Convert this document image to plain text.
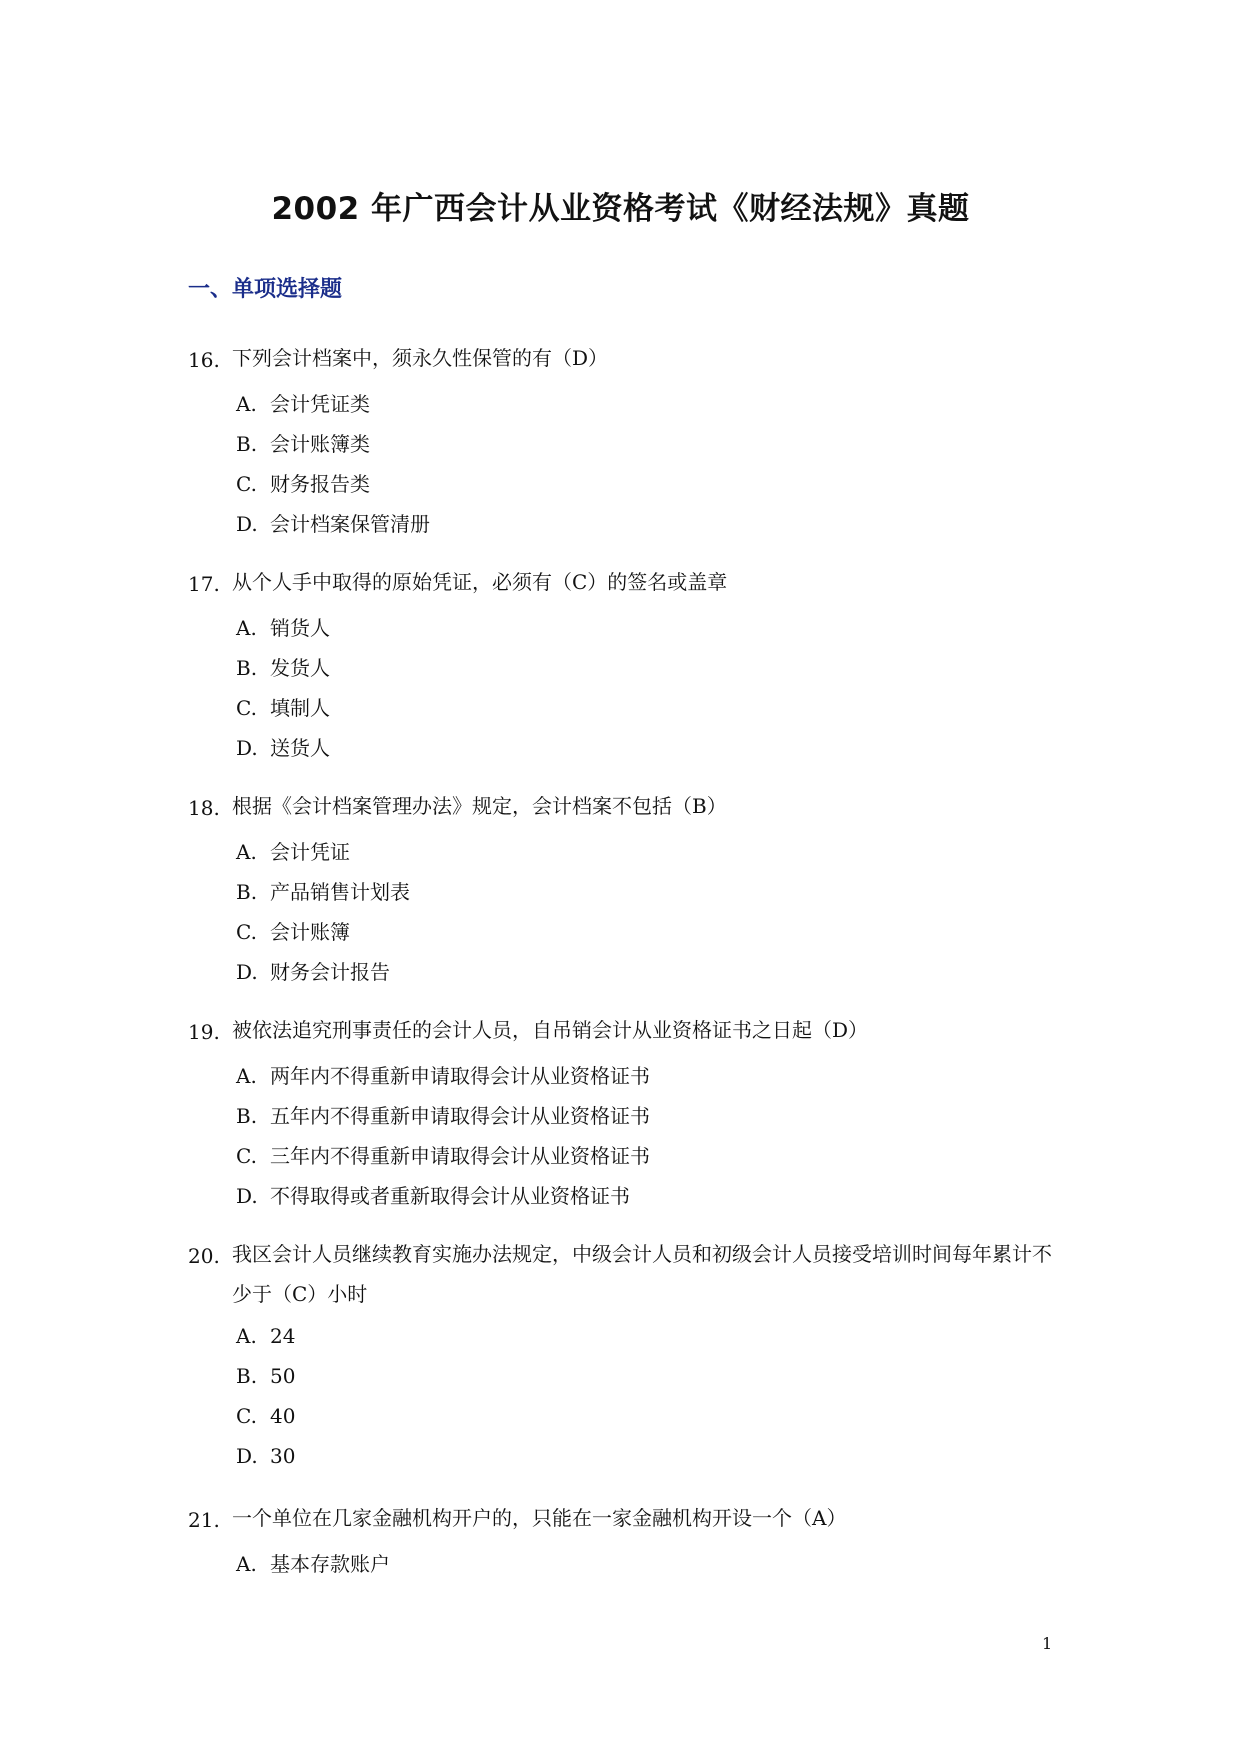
2002 年广西会计从业资格考试《财经法规》真题
一、单项选择题
16. 下列会计档案中，须永久性保管的有（D）
A. 会计凭证类
B. 会计账簿类
C. 财务报告类
D. 会计档案保管清册
17. 从个人手中取得的原始凭证，必须有（C）的签名或盖章
A. 销货人
B. 发货人
C. 填制人
D. 送货人
18. 根据《会计档案管理办法》规定，会计档案不包括（B）
A. 会计凭证
B. 产品销售计划表
C. 会计账簿
D. 财务会计报告
19. 被依法追究刑事责任的会计人员，自吊销会计从业资格证书之日起（D）
A. 两年内不得重新申请取得会计从业资格证书
B. 五年内不得重新申请取得会计从业资格证书
C. 三年内不得重新申请取得会计从业资格证书
D. 不得取得或者重新取得会计从业资格证书
20. 我区会计人员继续教育实施办法规定，中级会计人员和初级会计人员接受培训时间每年累计不少于（C）小时
A. 24
B. 50
C. 40
D. 30
21. 一个单位在几家金融机构开户的，只能在一家金融机构开设一个（A）
A. 基本存款账户
1
